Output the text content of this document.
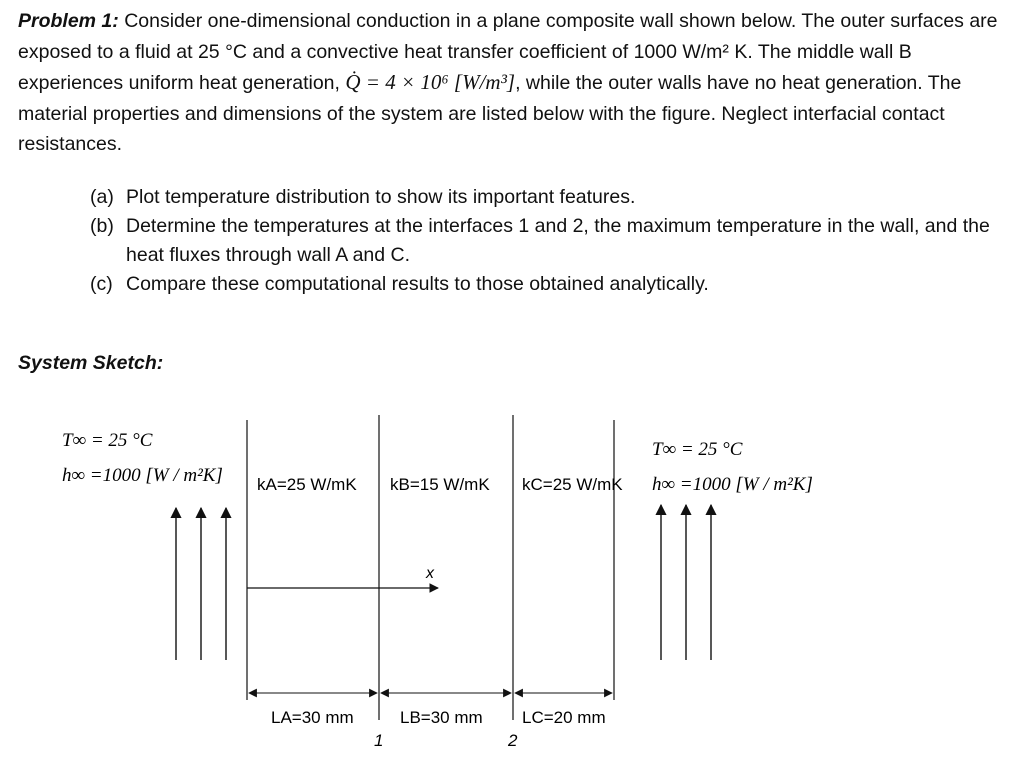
Problem 1: Consider one-dimensional conduction in a plane composite wall shown below. The outer surfaces are exposed to a fluid at 25 °C and a convective heat transfer coefficient of 1000 W/m² K. The middle wall B experiences uniform heat generation, Q̇ = 4 × 10⁶ [W/m³], while the outer walls have no heat generation. The material properties and dimensions of the system are listed below with the figure. Neglect interfacial contact resistances.
(a) Plot temperature distribution to show its important features.
(b) Determine the temperatures at the interfaces 1 and 2, the maximum temperature in the wall, and the heat fluxes through wall A and C.
(c) Compare these computational results to those obtained analytically.
System Sketch:
x
T∞ = 25 °C
h∞ =1000 [W / m²K]
T∞ = 25 °C
h∞ =1000 [W / m²K]
kA=25 W/mK kB=15 W/mK kC=25 W/mK
LA=30 mm	LB=30 mm LC=20 mm
1	2
